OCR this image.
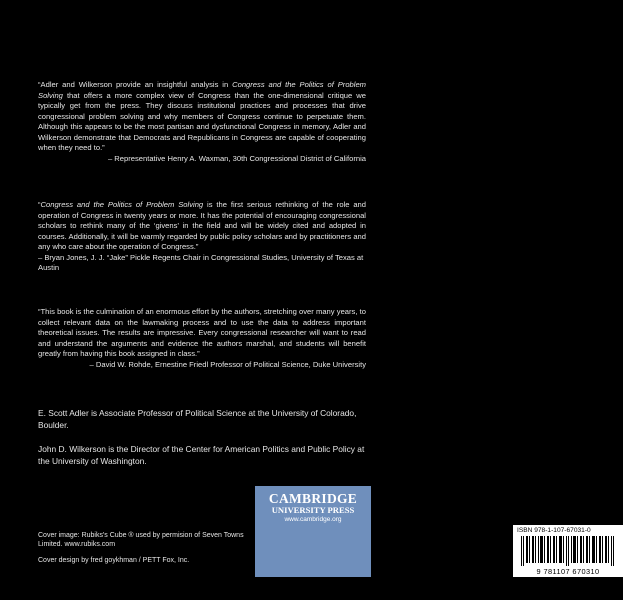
“Adler and Wilkerson provide an insightful analysis in Congress and the Politics of Problem Solving that offers a more complex view of Congress than the one-dimensional critique we typically get from the press. They discuss institutional practices and processes that drive congressional problem solving and why members of Congress continue to perpetuate them. Although this appears to be the most partisan and dysfunctional Congress in memory, Adler and Wilkerson demonstrate that Democrats and Republicans in Congress are capable of cooperating when they need to.”
– Representative Henry A. Waxman, 30th Congressional District of California
“Congress and the Politics of Problem Solving is the first serious rethinking of the role and operation of Congress in twenty years or more. It has the potential of encouraging congressional scholars to rethink many of the ‘givens’ in the field and will be widely cited and adopted in courses. Additionally, it will be warmly regarded by public policy scholars and by practitioners and any who care about the operation of Congress.”
– Bryan Jones, J. J. “Jake” Pickle Regents Chair in Congressional Studies, University of Texas at Austin
“This book is the culmination of an enormous effort by the authors, stretching over many years, to collect relevant data on the lawmaking process and to use the data to address important theoretical issues. The results are impressive. Every congressional researcher will want to read and understand the arguments and evidence the authors marshal, and students will benefit greatly from having this book assigned in class.”
– David W. Rohde, Ernestine Friedl Professor of Political Science, Duke University
E. Scott Adler is Associate Professor of Political Science at the University of Colorado, Boulder.
John D. Wilkerson is the Director of the Center for American Politics and Public Policy at the University of Washington.
Cover image: Rubiks's Cube ® used by permision of Seven Towns Limited. www.rubiks.com
Cover design by fred goykhman / PETT Fox, Inc.
CAMBRIDGE
UNIVERSITY PRESS
www.cambridge.org
ISBN 978-1-107-67031-0
9 781107 670310
